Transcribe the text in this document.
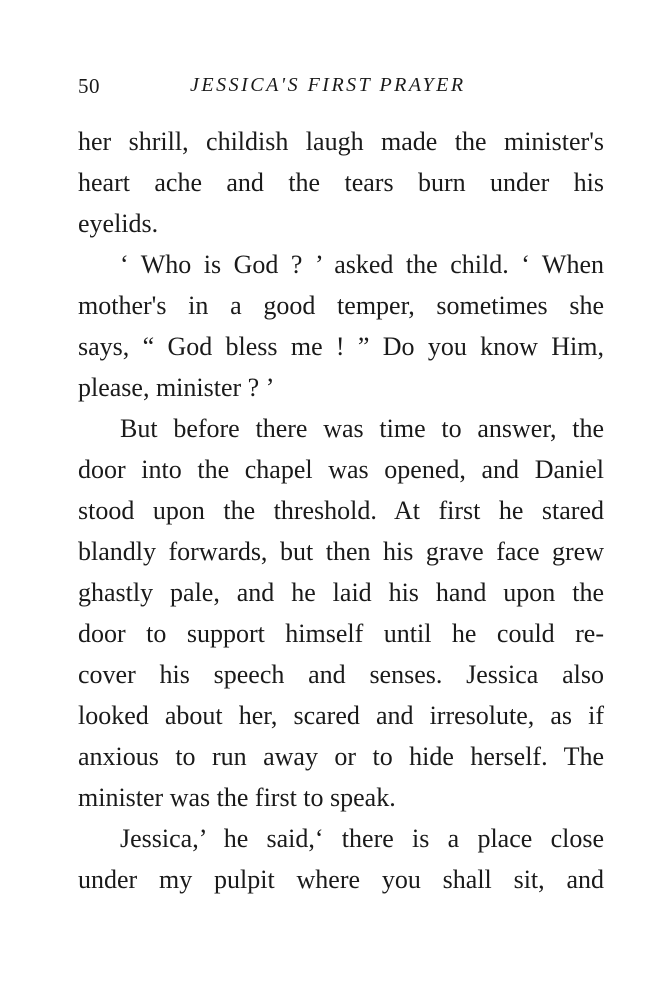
50	JESSICA'S FIRST PRAYER
her shrill, childish laugh made the minister's
heart ache and the tears burn under his
eyelids.
‘ Who is God ? ’ asked the child. ‘ When
mother's in a good temper, sometimes she
says, “ God bless me ! ” Do you know Him,
please, minister ? ’
But before there was time to answer, the
door into the chapel was opened, and Daniel
stood upon the threshold. At first he stared
blandly forwards, but then his grave face grew
ghastly pale, and he laid his hand upon the
door to support himself until he could re-
cover his speech and senses. Jessica also
looked about her, scared and irresolute, as if
anxious to run away or to hide herself. The
minister was the first to speak.
Jessica,’ he said,‘ there is a place close
under my pulpit where you shall sit, and
